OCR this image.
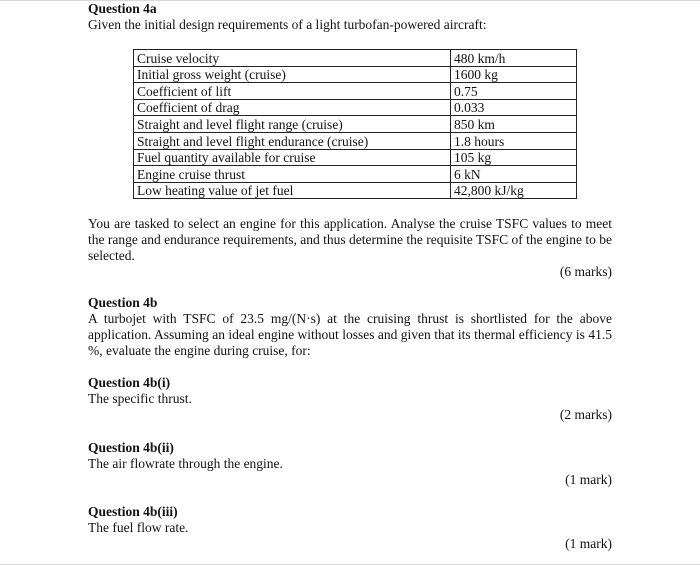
Question 4a
Given the initial design requirements of a light turbofan-powered aircraft:
Cruise velocity	480 km/h
Initial gross weight (cruise)	1600 kg
Coefficient of lift	0.75
Coefficient of drag	0.033
Straight and level flight range (cruise)	850 km
Straight and level flight endurance (cruise)	1.8 hours
Fuel quantity available for cruise	105 kg
Engine cruise thrust	6 kN
Low heating value of jet fuel	42,800 kJ/kg
You are tasked to select an engine for this application. Analyse the cruise TSFC values to meet the range and endurance requirements, and thus determine the requisite TSFC of the engine to be selected.
(6 marks)
Question 4b
A turbojet with TSFC of 23.5 mg/(N·s) at the cruising thrust is shortlisted for the above application. Assuming an ideal engine without losses and given that its thermal efficiency is 41.5 %, evaluate the engine during cruise, for:
Question 4b(i)
The specific thrust.
(2 marks)
Question 4b(ii)
The air flowrate through the engine.
(1 mark)
Question 4b(iii)
The fuel flow rate.
(1 mark)
